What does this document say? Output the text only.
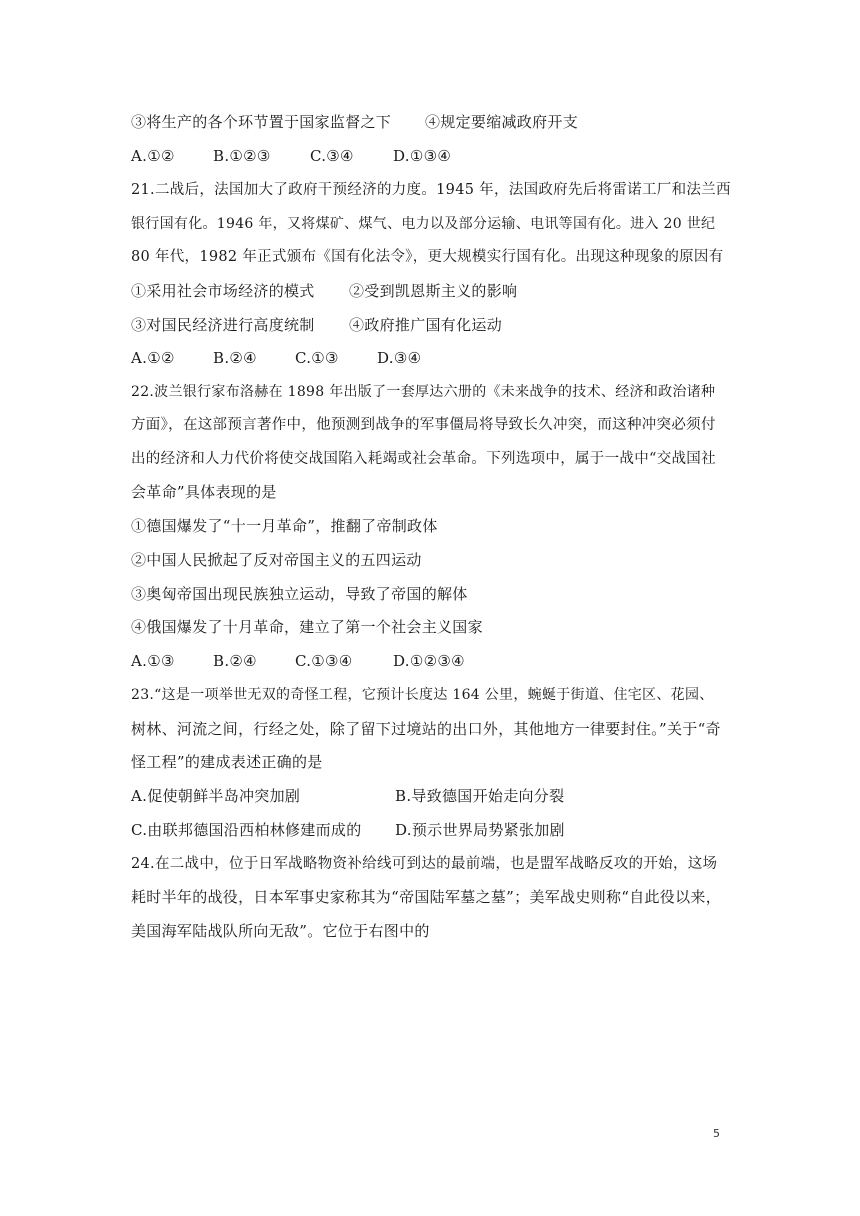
③将生产的各个环节置于国家监督之下 ④规定要缩减政府开支
A.①②	B.①②③	C.③④	D.①③④
21.二战后，法国加大了政府干预经济的力度。1945 年，法国政府先后将雷诺工厂和法兰西
银行国有化。1946 年，又将煤矿、煤气、电力以及部分运输、电讯等国有化。进入 20 世纪
80 年代，1982 年正式颁布《国有化法令》，更大规模实行国有化。出现这种现象的原因有
①采用社会市场经济的模式 ②受到凯恩斯主义的影响
③对国民经济进行高度统制 ④政府推广国有化运动
A.①②	B.②④	C.①③	D.③④
22.波兰银行家布洛赫在 1898 年出版了一套厚达六册的《未来战争的技术、经济和政治诸种
方面》，在这部预言著作中，他预测到战争的军事僵局将导致长久冲突，而这种冲突必须付
出的经济和人力代价将使交战国陷入耗竭或社会革命。下列选项中，属于一战中“交战国社
会革命”具体表现的是
①德国爆发了“十一月革命”，推翻了帝制政体
②中国人民掀起了反对帝国主义的五四运动
③奥匈帝国出现民族独立运动，导致了帝国的解体
④俄国爆发了十月革命，建立了第一个社会主义国家
A.①③	B.②④	C.①③④	D.①②③④
23.“这是一项举世无双的奇怪工程，它预计长度达 164 公里，蜿蜒于街道、住宅区、花园、
树林、河流之间，行经之处，除了留下过境站的出口外，其他地方一律要封住。”关于“奇
怪工程”的建成表述正确的是
A.促使朝鲜半岛冲突加剧	B.导致德国开始走向分裂
C.由联邦德国沿西柏林修建而成的 D.预示世界局势紧张加剧
24.在二战中，位于日军战略物资补给线可到达的最前端，也是盟军战略反攻的开始，这场
耗时半年的战役，日本军事史家称其为“帝国陆军墓之墓”；美军战史则称“自此役以来，
美国海军陆战队所向无敌”。它位于右图中的
5
